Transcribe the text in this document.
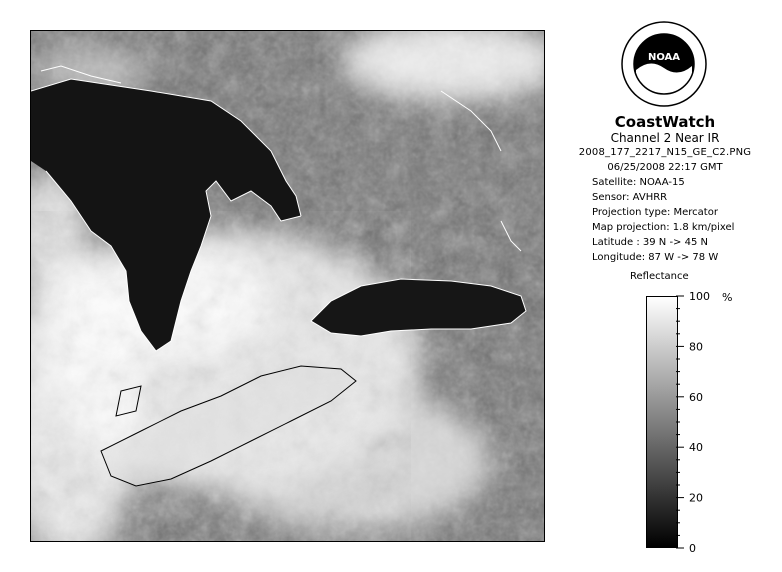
NOAA
CoastWatch
Channel 2 Near IR
2008_177_2217_N15_GE_C2.PNG
06/25/2008 22:17 GMT
Satellite: NOAA-15
Sensor: AVHRR
Projection type: Mercator
Map projection: 1.8 km/pixel
Latitude : 39 N -> 45 N
Longitude: 87 W -> 78 W
Reflectance
%
100
80
60
40
20
0
